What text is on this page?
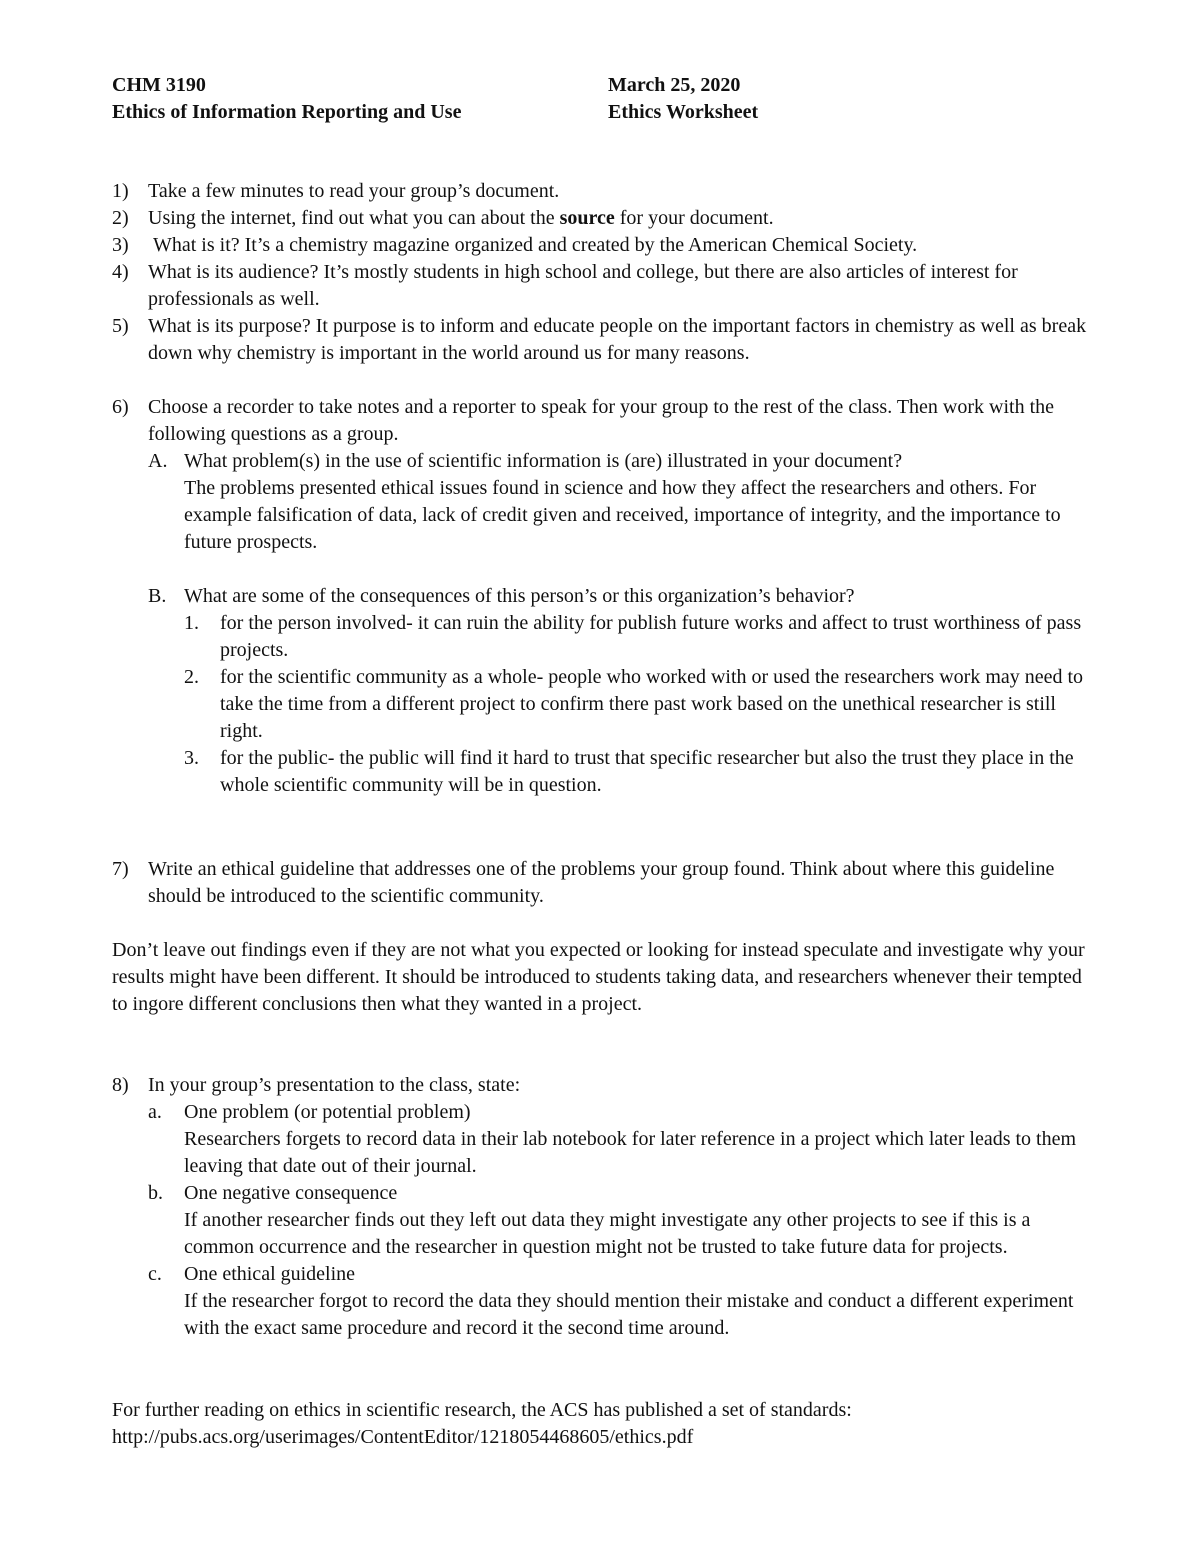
CHM 3190	March 25, 2020
Ethics of Information Reporting and Use	Ethics Worksheet
1) Take a few minutes to read your group’s document.
2) Using the internet, find out what you can about the source for your document.
3) What is it? It’s a chemistry magazine organized and created by the American Chemical Society.
4) What is its audience? It’s mostly students in high school and college, but there are also articles of interest for professionals as well.
5) What is its purpose? It purpose is to inform and educate people on the important factors in chemistry as well as break down why chemistry is important in the world around us for many reasons.
6) Choose a recorder to take notes and a reporter to speak for your group to the rest of the class. Then work with the following questions as a group.
A. What problem(s) in the use of scientific information is (are) illustrated in your document?
The problems presented ethical issues found in science and how they affect the researchers and others. For example falsification of data, lack of credit given and received, importance of integrity, and the importance to future prospects.
B. What are some of the consequences of this person’s or this organization’s behavior?
1. for the person involved- it can ruin the ability for publish future works and affect to trust worthiness of pass projects.
2. for the scientific community as a whole- people who worked with or used the researchers work may need to take the time from a different project to confirm there past work based on the unethical researcher is still right.
3. for the public- the public will find it hard to trust that specific researcher but also the trust they place in the whole scientific community will be in question.
7) Write an ethical guideline that addresses one of the problems your group found. Think about where this guideline should be introduced to the scientific community.

Don’t leave out findings even if they are not what you expected or looking for instead speculate and investigate why your results might have been different. It should be introduced to students taking data, and researchers whenever their tempted to ingore different conclusions then what they wanted in a project.

8) In your group’s presentation to the class, state:
a. One problem (or potential problem)
Researchers forgets to record data in their lab notebook for later reference in a project which later leads to them leaving that date out of their journal.
b. One negative consequence
If another researcher finds out they left out data they might investigate any other projects to see if this is a common occurrence and the researcher in question might not be trusted to take future data for projects.
c. One ethical guideline
If the researcher forgot to record the data they should mention their mistake and conduct a different experiment with the exact same procedure and record it the second time around.

For further reading on ethics in scientific research, the ACS has published a set of standards:
http://pubs.acs.org/userimages/ContentEditor/1218054468605/ethics.pdf
